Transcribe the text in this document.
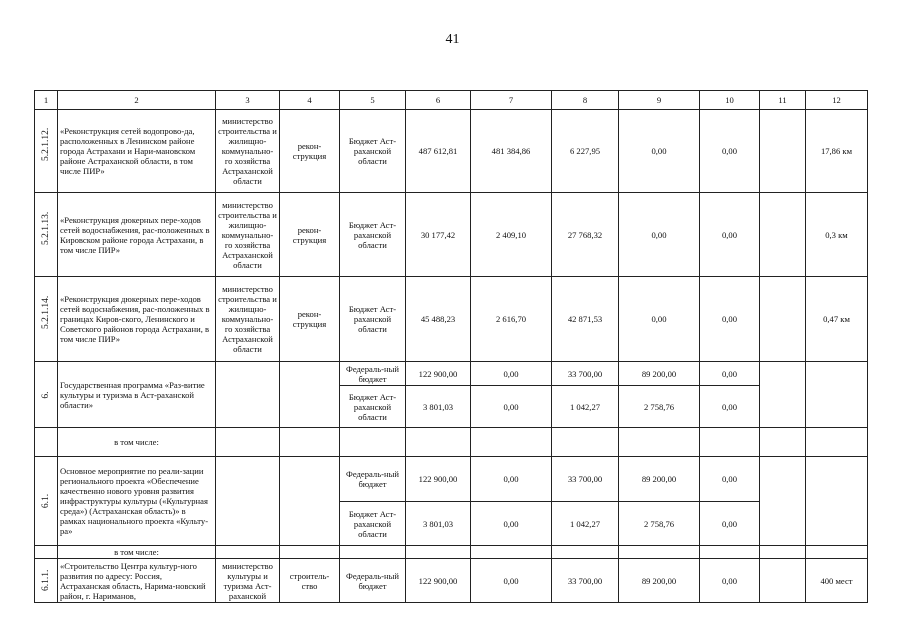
41
1	2	3	4	5	6	7	8	9	10	11	12

5.2.1.12.	«Реконструкция сетей водопрово-да, расположенных в Ленинском районе города Астрахани и Нари-мановском районе Астраханской области, в том числе ПИР»	министерство строительства и жилищно-коммунально-го хозяйства Астраханской области	рекон-струкция	Бюджет Аст-раханской области	487 612,81	481 384,86	6 227,95	0,00	0,00		17,86 км

5.2.1.13.	«Реконструкция дюкерных пере-ходов сетей водоснабжения, рас-положенных в Кировском районе города Астрахани, в том числе ПИР»	министерство строительства и жилищно-коммунально-го хозяйства Астраханской области	рекон-струкция	Бюджет Аст-раханской области	30 177,42	2 409,10	27 768,32	0,00	0,00		0,3 км

5.2.1.14.	«Реконструкция дюкерных пере-ходов сетей водоснабжения, рас-положенных в границах Киров-ского, Ленинского и Советского районов города Астрахани, в том числе ПИР»	министерство строительства и жилищно-коммунально-го хозяйства Астраханской области	рекон-струкция	Бюджет Аст-раханской области	45 488,23	2 616,70	42 871,53	0,00	0,00		0,47 км

6.	Государственная программа «Раз-витие культуры и туризма в Аст-раханской области»			Федераль-ный бюджет	122 900,00	0,00	33 700,00	89 200,00	0,00		
				Бюджет Аст-раханской области	3 801,03	0,00	1 042,27	2 758,76	0,00		
	в том числе:										

6.1.	Основное мероприятие по реали-зации регионального проекта «Обеспечение качественно нового уровня развития инфраструктуры культуры («Культурная среда») (Астраханская область)» в рамках национального проекта «Культу-ра»			Федераль-ный бюджет	122 900,00	0,00	33 700,00	89 200,00	0,00		
				Бюджет Аст-раханской области	3 801,03	0,00	1 042,27	2 758,76	0,00		
	в том числе:										

6.1.1.	«Строительство Центра культур-ного развития по адресу: Россия, Астраханская область, Нарима-новский район, г. Нариманов,	министерство культуры и туризма Аст-раханской	строитель-ство	Федераль-ный бюджет	122 900,00	0,00	33 700,00	89 200,00	0,00		400 мест
